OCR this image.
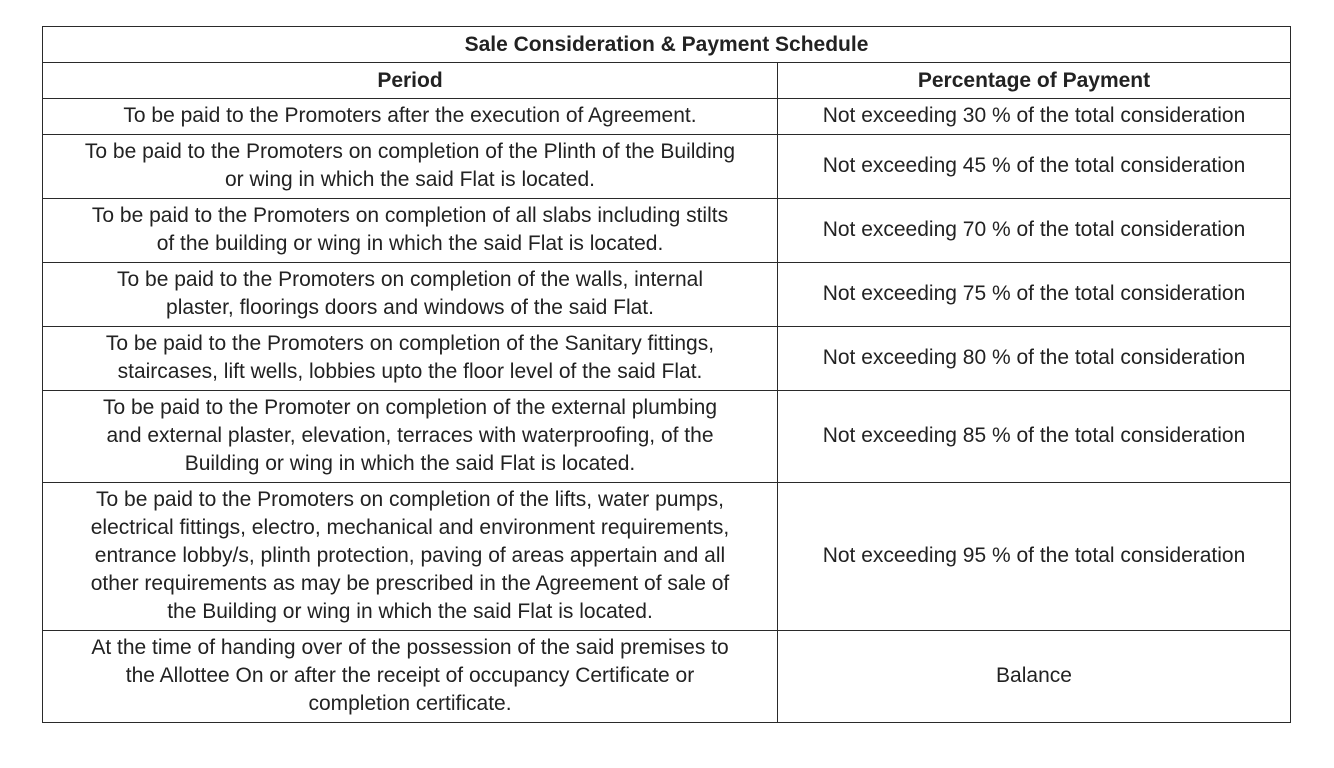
Sale Consideration & Payment Schedule	
Period	Percentage of Payment
To be paid to the Promoters after the execution of Agreement.	Not exceeding 30 % of the total consideration
To be paid to the Promoters on completion of the Plinth of the Building
or wing in which the said Flat is located.	Not exceeding 45 % of the total consideration
To be paid to the Promoters on completion of all slabs including stilts
of the building or wing in which the said Flat is located.	Not exceeding 70 % of the total consideration
To be paid to the Promoters on completion of the walls, internal
plaster, floorings doors and windows of the said Flat.	Not exceeding 75 % of the total consideration
To be paid to the Promoters on completion of the Sanitary fittings,
staircases, lift wells, lobbies upto the floor level of the said Flat.	Not exceeding 80 % of the total consideration
To be paid to the Promoter on completion of the external plumbing
and external plaster, elevation, terraces with waterproofing, of the
Building or wing in which the said Flat is located.	Not exceeding 85 % of the total consideration
To be paid to the Promoters on completion of the lifts, water pumps,
electrical fittings, electro, mechanical and environment requirements,
entrance lobby/s, plinth protection, paving of areas appertain and all
other requirements as may be prescribed in the Agreement of sale of
the Building or wing in which the said Flat is located.	Not exceeding 95 % of the total consideration
At the time of handing over of the possession of the said premises to
the Allottee On or after the receipt of occupancy Certificate or
completion certificate.	Balance
